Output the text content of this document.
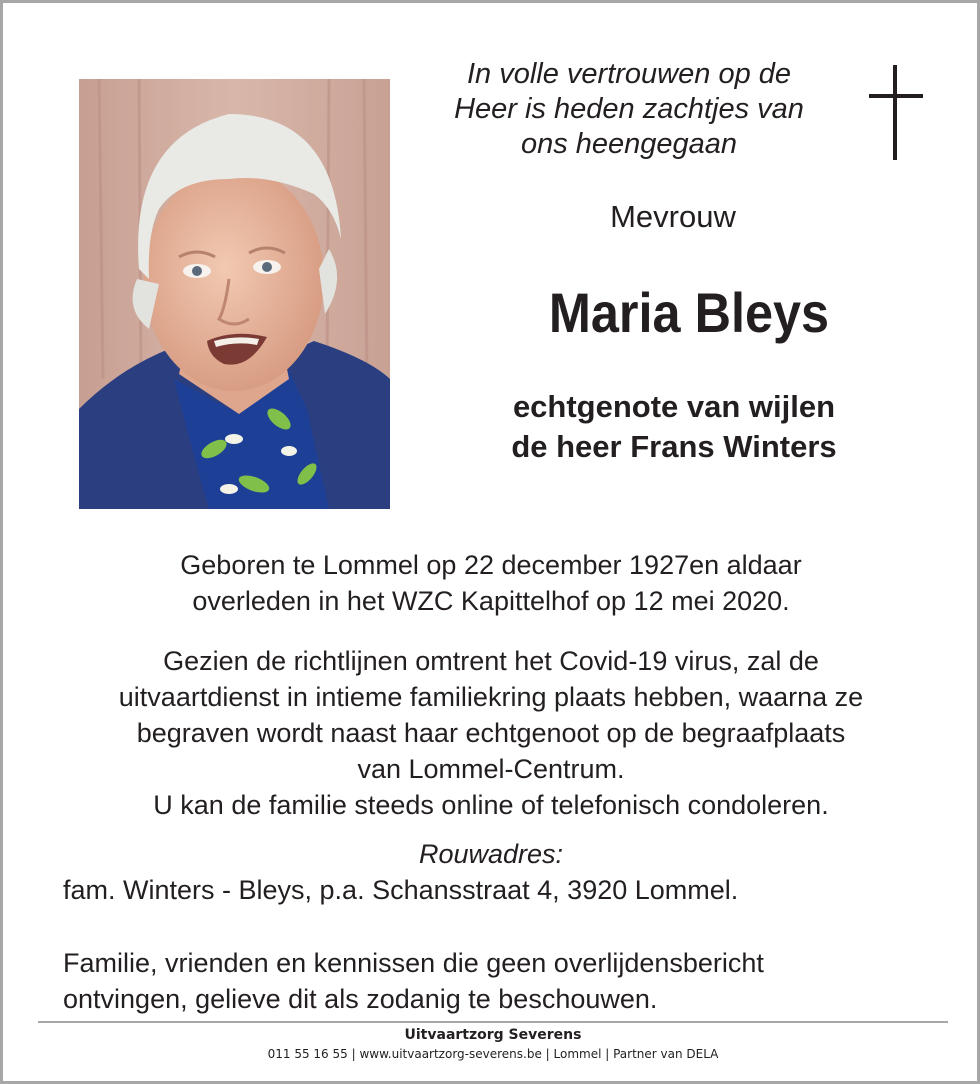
In volle vertrouwen op de
Heer is heden zachtjes van
ons heengegaan
Mevrouw
Maria Bleys
echtgenote van wijlen
de heer Frans Winters
Geboren te Lommel op 22 december 1927en aldaar
overleden in het WZC Kapittelhof op 12 mei 2020.
Gezien de richtlijnen omtrent het Covid-19 virus, zal de
uitvaartdienst in intieme familiekring plaats hebben, waarna ze
begraven wordt naast haar echtgenoot op de begraafplaats
van Lommel-Centrum.
U kan de familie steeds online of telefonisch condoleren.
Rouwadres:
fam. Winters - Bleys, p.a. Schansstraat 4, 3920 Lommel.
Familie, vrienden en kennissen die geen overlijdensbericht
ontvingen, gelieve dit als zodanig te beschouwen.
Uitvaartzorg Severens
011 55 16 55 | www.uitvaartzorg-severens.be | Lommel | Partner van DELA
